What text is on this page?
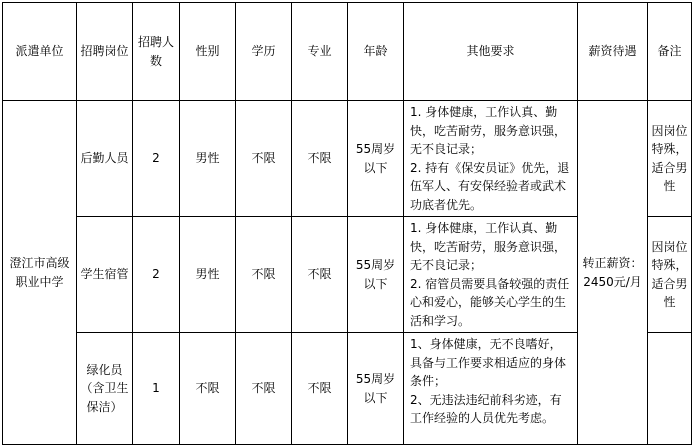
派遣单位	招聘岗位	招聘人数	性别	学历	专业	年龄	其他要求	薪资待遇	备注
澄江市高级职业中学	后勤人员	2	男性	不限	不限	55周岁以下	1. 身体健康，工作认真、勤快，吃苦耐劳，服务意识强，无不良记录；
2. 持有《保安员证》优先，退伍军人、有安保经验者或武术功底者优先。	转正薪资：2450元/月	因岗位特殊，适合男性
	学生宿管	2	男性	不限	不限	55周岁以下	1. 身体健康，工作认真、勤快，吃苦耐劳，服务意识强，无不良记录；
2. 宿管员需要具备较强的责任心和爱心，能够关心学生的生活和学习。		因岗位特殊，适合男性
	绿化员（含卫生保洁）	1	不限	不限	不限	55周岁以下	1、身体健康，无不良嗜好，具备与工作要求相适应的身体条件；
2、无违法违纪前科劣迹，有工作经验的人员优先考虑。		
